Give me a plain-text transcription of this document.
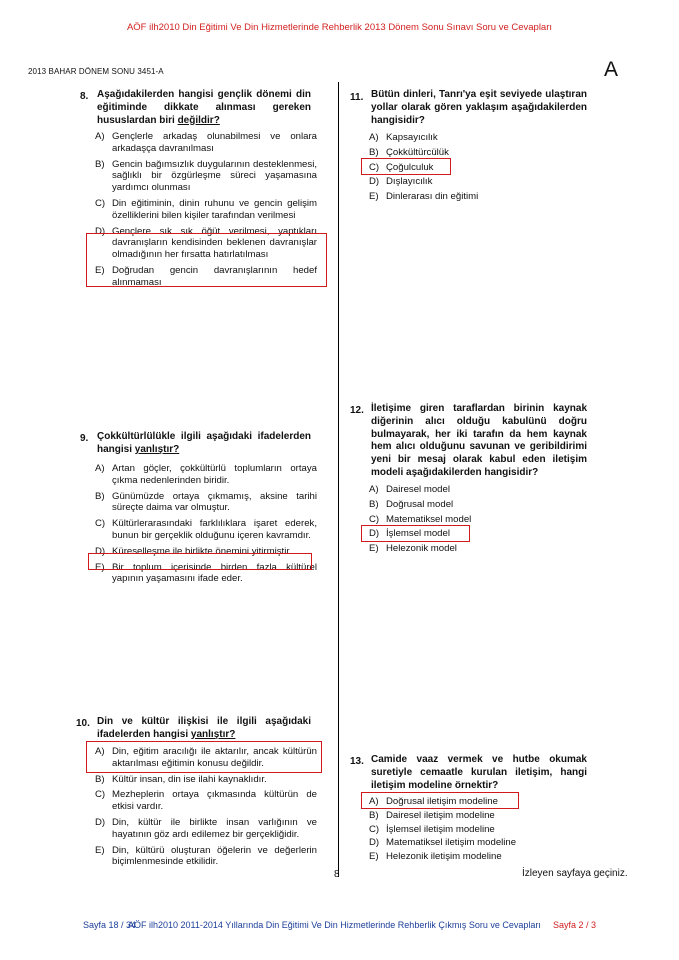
AÖF ilh2010 Din Eğitimi Ve Din Hizmetlerinde Rehberlik 2013 Dönem Sonu Sınavı Soru ve Cevapları
2013 BAHAR DÖNEM SONU 3451-A	A
8. Aşağıdakilerden hangisi gençlik dönemi din eğitiminde dikkate alınması gereken hususlardan biri değildir?
A) Gençlerle arkadaş olunabilmesi ve onlara arkadaşça davranılması
B) Gencin bağımsızlık duygularının desteklenmesi, sağlıklı bir özgürleşme süreci yaşamasına yardımcı olunması
C) Din eğitiminin, dinin ruhunu ve gencin gelişim özelliklerini bilen kişiler tarafından verilmesi
D) Gençlere sık sık öğüt verilmesi, yaptıkları davranışların kendisinden beklenen davranışlar olmadığının her fırsatta hatırlatılması
E) Doğrudan gencin davranışlarının hedef alınmaması
9. Çokkültürlülükle ilgili aşağıdaki ifadelerden hangisi yanlıştır?
A) Artan göçler, çokkültürlü toplumların ortaya çıkma nedenlerinden biridir.
B) Günümüzde ortaya çıkmamış, aksine tarihi süreçte daima var olmuştur.
C) Kültürlerarasındaki farklılıklara işaret ederek, bunun bir gerçeklik olduğunu içeren kavramdır.
D) Küreselleşme ile birlikte önemini yitirmiştir.
E) Bir toplum içerisinde birden fazla kültürel yapının yaşamasını ifade eder.
10. Din ve kültür ilişkisi ile ilgili aşağıdaki ifadelerden hangisi yanlıştır?
A) Din, eğitim aracılığı ile aktarılır, ancak kültürün aktarılması eğitimin konusu değildir.
B) Kültür insan, din ise ilahi kaynaklıdır.
C) Mezheplerin ortaya çıkmasında kültürün de etkisi vardır.
D) Din, kültür ile birlikte insan varlığının ve hayatının göz ardı edilemez bir gerçekliğidir.
E) Din, kültürü oluşturan öğelerin ve değerlerin biçimlenmesinde etkilidir.
11. Bütün dinleri, Tanrı'ya eşit seviyede ulaştıran yollar olarak gören yaklaşım aşağıdakilerden hangisidir?
A) Kapsayıcılık
B) Çokkültürcülük
C) Çoğulculuk
D) Dışlayıcılık
E) Dinlerarası din eğitimi
12. İletişime giren taraflardan birinin kaynak diğerinin alıcı olduğu kabulünü doğru bulmayarak, her iki tarafın da hem kaynak hem alıcı olduğunu savunan ve geribildirimi yeni bir mesaj olarak kabul eden iletişim modeli aşağıdakilerden hangisidir?
A) Dairesel model
B) Doğrusal model
C) Matematiksel model
D) İşlemsel model
E) Helezonik model
13. Camide vaaz vermek ve hutbe okumak suretiyle cemaatle kurulan iletişim, hangi iletişim modeline örnektir?
A) Doğrusal iletişim modeline
B) Dairesel iletişim modeline
C) İşlemsel iletişim modeline
D) Matematiksel iletişim modeline
E) Helezonik iletişim modeline
8	İzleyen sayfaya geçiniz.
Sayfa 18 / 34
AÖF ilh2010 2011-2014 Yıllarında Din Eğitimi Ve Din Hizmetlerinde Rehberlik Çıkmış Soru ve Cevapları Sayfa 2 / 3
